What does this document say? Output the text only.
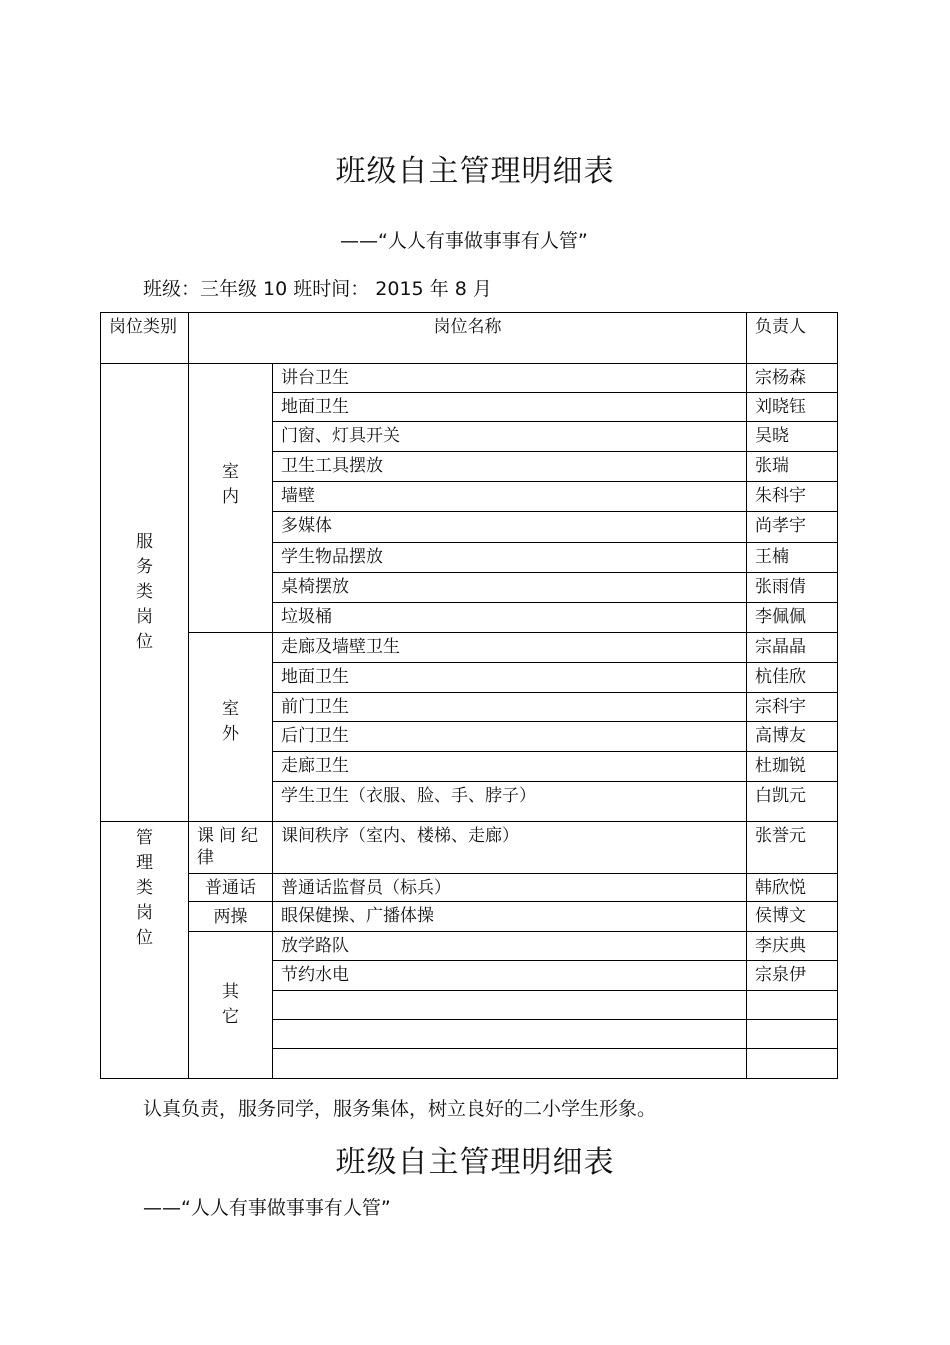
班级自主管理明细表
——“人人有事做事事有人管”
班级：三年级 10 班时间： 2015 年 8 月
岗位类别	岗位名称		负责人
服务类岗位	室内	讲台卫生	宗杨森
		地面卫生	刘晓钰
		门窗、灯具开关	吴晓
		卫生工具摆放	张瑞
		墙壁	朱科宇
		多媒体	尚孝宇
		学生物品摆放	王楠
		桌椅摆放	张雨倩
		垃圾桶	李佩佩
	室外	走廊及墙壁卫生	宗晶晶
		地面卫生	杭佳欣
		前门卫生	宗科宇
		后门卫生	高博友
		走廊卫生	杜珈锐
		学生卫生（衣服、脸、手、脖子）	白凯元
管理类岗位	课间纪律	课间秩序（室内、楼梯、走廊）	张誉元
	普通话	普通话监督员（标兵）	韩欣悦
	两操	眼保健操、广播体操	侯博文
	其它	放学路队	李庆典
		节约水电	宗泉伊

认真负责，服务同学，服务集体，树立良好的二小学生形象。
班级自主管理明细表
——“人人有事做事事有人管”
